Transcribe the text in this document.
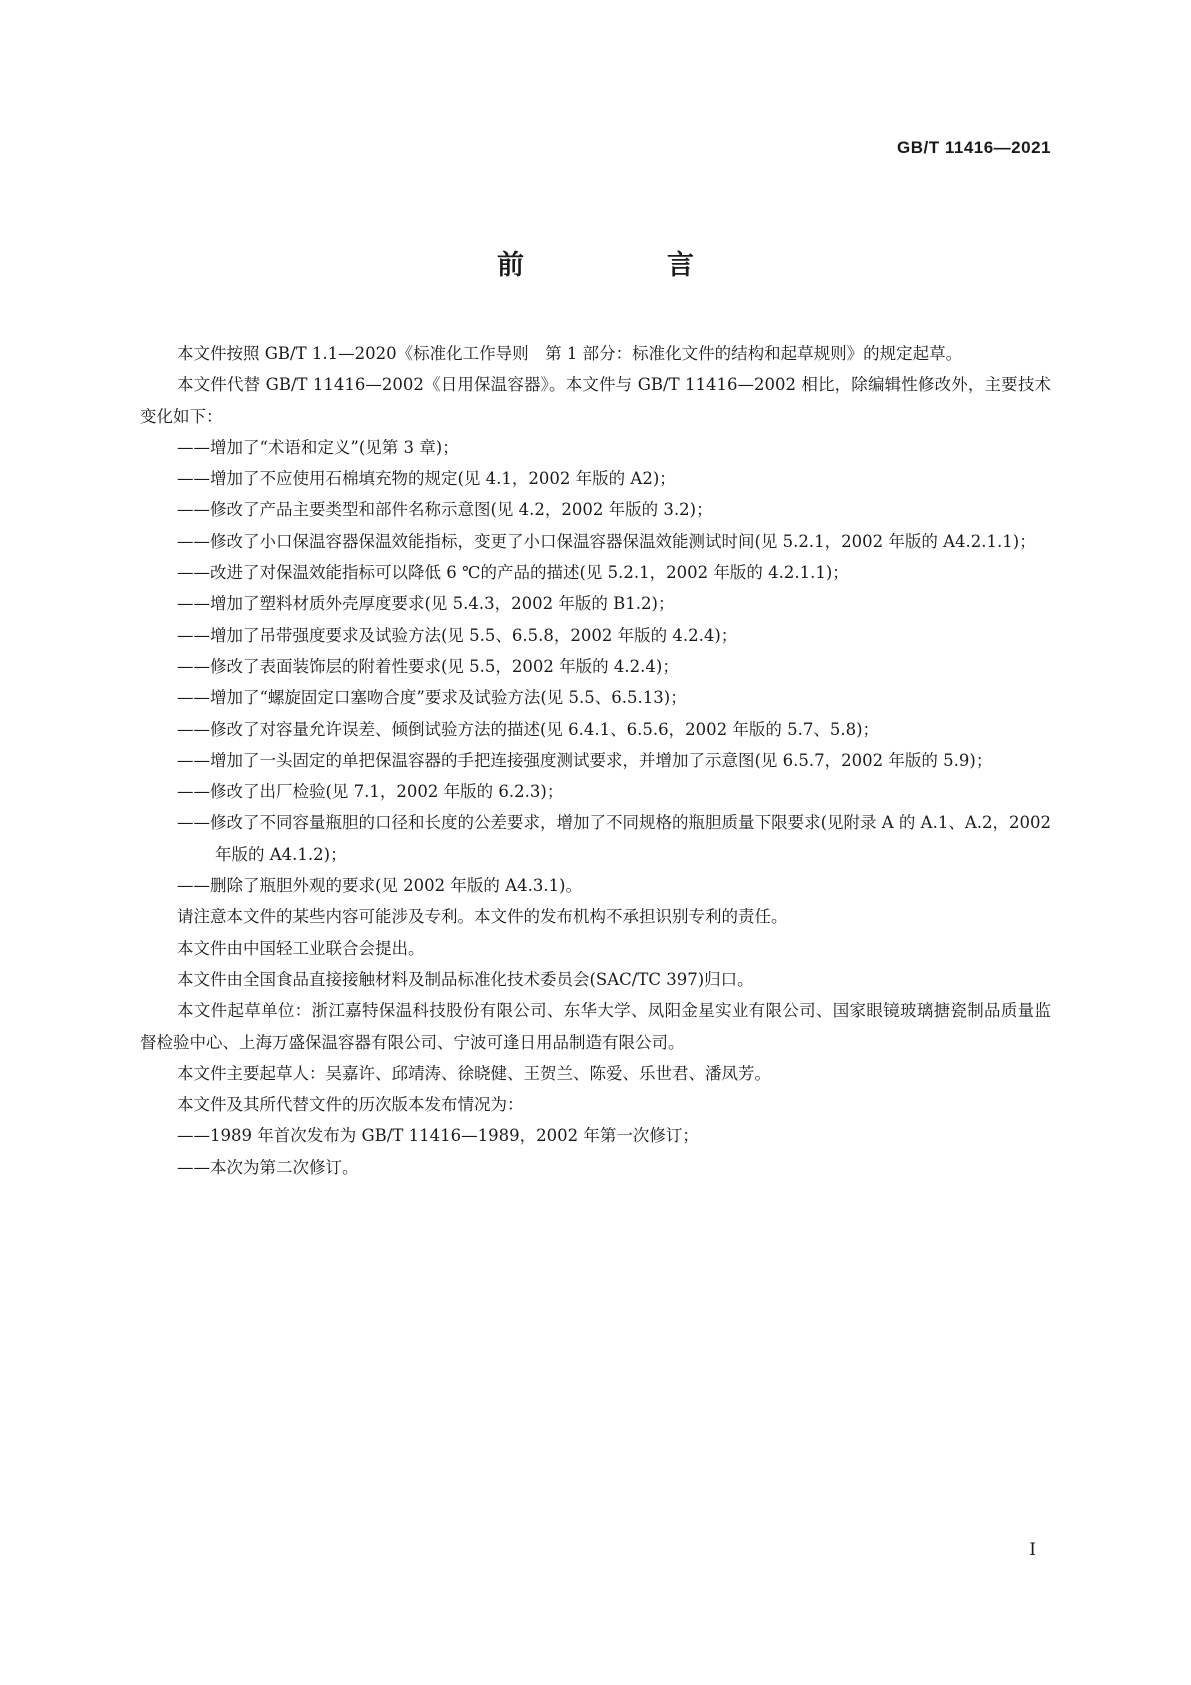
GB/T 11416—2021
前　言

本文件按照 GB/T 1.1—2020《标准化工作导则　第 1 部分：标准化文件的结构和起草规则》的规定起草。

本文件代替 GB/T 11416—2002《日用保温容器》。本文件与 GB/T 11416—2002 相比，除编辑性修改外，主要技术变化如下：

——增加了“术语和定义”(见第 3 章)；

——增加了不应使用石棉填充物的规定(见 4.1，2002 年版的 A2)；

——修改了产品主要类型和部件名称示意图(见 4.2，2002 年版的 3.2)；

——修改了小口保温容器保温效能指标，变更了小口保温容器保温效能测试时间(见 5.2.1，2002 年版的 A4.2.1.1)；

——改进了对保温效能指标可以降低 6 ℃的产品的描述(见 5.2.1，2002 年版的 4.2.1.1)；

——增加了塑料材质外壳厚度要求(见 5.4.3，2002 年版的 B1.2)；

——增加了吊带强度要求及试验方法(见 5.5、6.5.8，2002 年版的 4.2.4)；

——修改了表面装饰层的附着性要求(见 5.5，2002 年版的 4.2.4)；

——增加了“螺旋固定口塞吻合度”要求及试验方法(见 5.5、6.5.13)；

——修改了对容量允许误差、倾倒试验方法的描述(见 6.4.1、6.5.6，2002 年版的 5.7、5.8)；

——增加了一头固定的单把保温容器的手把连接强度测试要求，并增加了示意图(见 6.5.7，2002 年版的 5.9)；

——修改了出厂检验(见 7.1，2002 年版的 6.2.3)；

——修改了不同容量瓶胆的口径和长度的公差要求，增加了不同规格的瓶胆质量下限要求(见附录 A 的 A.1、A.2，2002 年版的 A4.1.2)；

——删除了瓶胆外观的要求(见 2002 年版的 A4.3.1)。

请注意本文件的某些内容可能涉及专利。本文件的发布机构不承担识别专利的责任。

本文件由中国轻工业联合会提出。

本文件由全国食品直接接触材料及制品标准化技术委员会(SAC/TC 397)归口。

本文件起草单位：浙江嘉特保温科技股份有限公司、东华大学、凤阳金星实业有限公司、国家眼镜玻璃搪瓷制品质量监督检验中心、上海万盛保温容器有限公司、宁波可逢日用品制造有限公司。

本文件主要起草人：吴嘉许、邱靖涛、徐晓健、王贺兰、陈爱、乐世君、潘凤芳。

本文件及其所代替文件的历次版本发布情况为：

——1989 年首次发布为 GB/T 11416—1989，2002 年第一次修订；

——本次为第二次修订。

I
